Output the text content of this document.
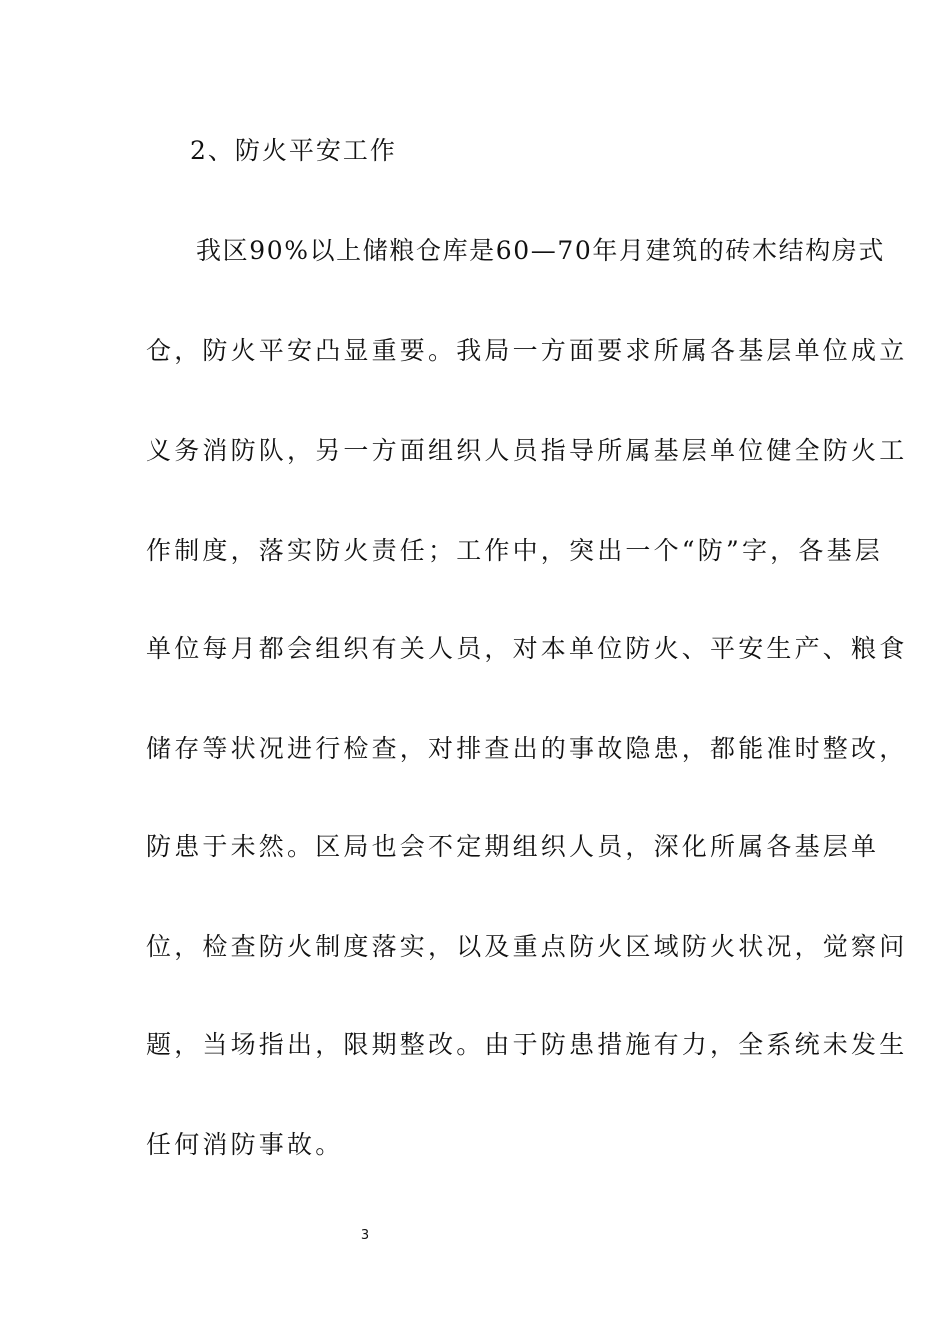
2、防火平安工作
我区90%以上储粮仓库是60—70年月建筑的砖木结构房式
仓，防火平安凸显重要。我局一方面要求所属各基层单位成立
义务消防队，另一方面组织人员指导所属基层单位健全防火工
作制度，落实防火责任；工作中，突出一个“防”字，各基层
单位每月都会组织有关人员，对本单位防火、平安生产、粮食
储存等状况进行检查，对排查出的事故隐患，都能准时整改，
防患于未然。区局也会不定期组织人员，深化所属各基层单
位，检查防火制度落实，以及重点防火区域防火状况，觉察问
题，当场指出，限期整改。由于防患措施有力，全系统未发生
任何消防事故。
3
